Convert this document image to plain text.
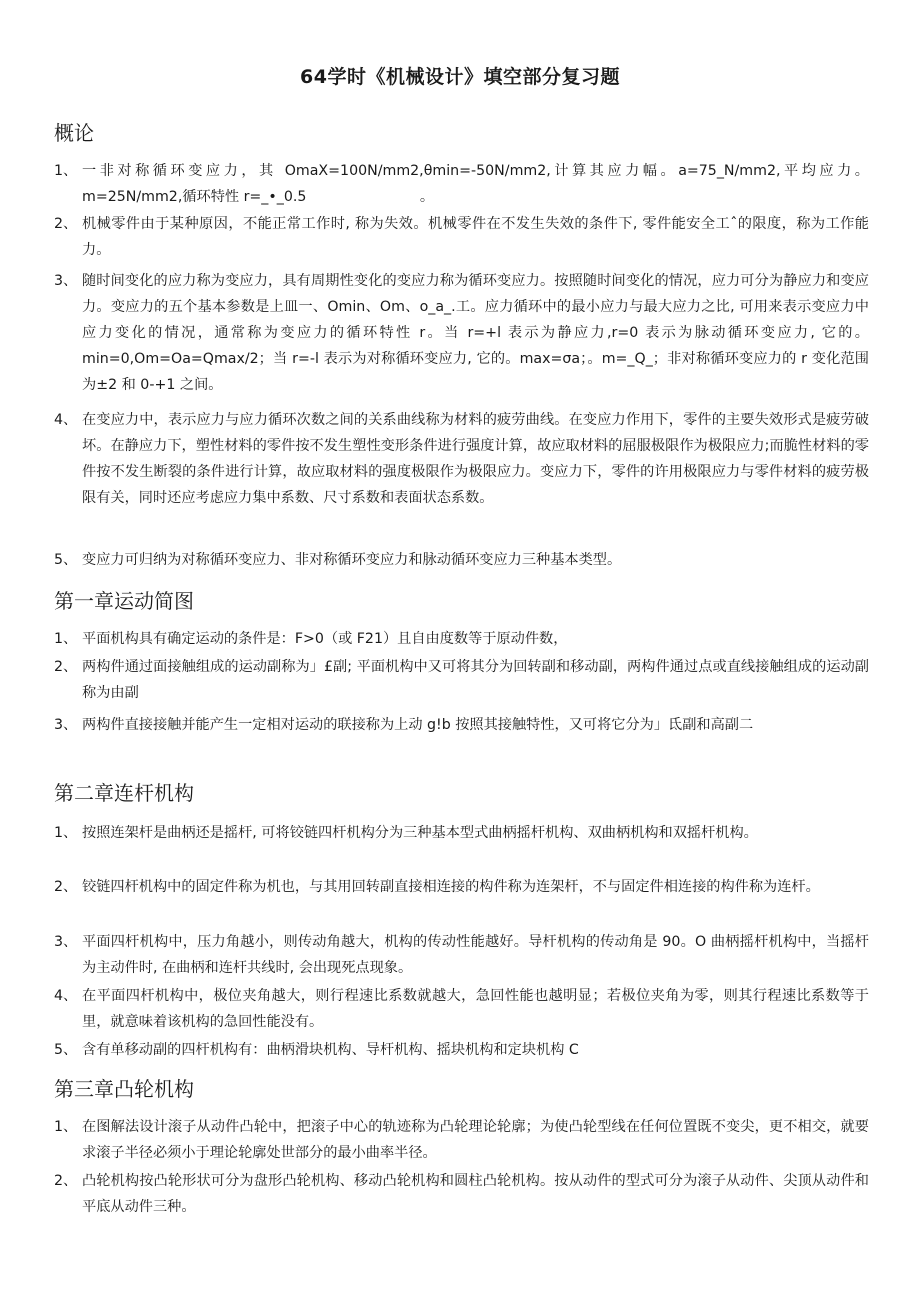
64学时《机械设计》填空部分复习题
概论
1、 一非对称循环变应力，其 OmaX=100N∕mm2,θmin=-50N∕mm2,计算其应力幅。a=75_N∕mm2,平均应力。m=25N∕mm2,循环特性 r=_•_0.5　　　　　　　　。
2、 机械零件由于某种原因，不能正常工作时, 称为失效。机械零件在不发生失效的条件下, 零件能安全工ˆ的限度，称为工作能力。
3、 随时间变化的应力称为变应力，具有周期性变化的变应力称为循环变应力。按照随时间变化的情况，应力可分为静应力和变应力。变应力的五个基本参数是上皿一、Omin、Om、o_a_.工。应力循环中的最小应力与最大应力之比, 可用来表示变应力中应力变化的情况，通常称为变应力的循环特性 r。当 r=+l 表示为静应力,r=0 表示为脉动循环变应力, 它的。min=0,Om=Oa=Qmax/2；当 r=-l 表示为对称循环变应力, 它的。max=σa；。m=_Q_；非对称循环变应力的 r 变化范围为±2 和 0-+1 之间。
4、 在变应力中，表示应力与应力循环次数之间的关系曲线称为材料的疲劳曲线。在变应力作用下，零件的主要失效形式是疲劳破坏。在静应力下，塑性材料的零件按不发生塑性变形条件进行强度计算，故应取材料的屈服极限作为极限应力;而脆性材料的零件按不发生断裂的条件进行计算，故应取材料的强度极限作为极限应力。变应力下，零件的许用极限应力与零件材料的疲劳极限有关，同时还应考虑应力集中系数、尺寸系数和表面状态系数。
5、 变应力可归纳为对称循环变应力、非对称循环变应力和脉动循环变应力三种基本类型。
第一章运动简图
1、 平面机构具有确定运动的条件是：F>0（或 F21）且自由度数等于原动件数，
2、 两构件通过面接触组成的运动副称为」£副; 平面机构中又可将其分为回转副和移动副，两构件通过点或直线接触组成的运动副称为由副
3、 两构件直接接触并能产生一定相对运动的联接称为上动 g!b 按照其接触特性，又可将它分为」氐副和高副二
第二章连杆机构
1、 按照连架杆是曲柄还是摇杆, 可将铰链四杆机构分为三种基本型式曲柄摇杆机构、双曲柄机构和双摇杆机构。
2、 铰链四杆机构中的固定件称为机也，与其用回转副直接相连接的构件称为连架杆，不与固定件相连接的构件称为连杆。
3、 平面四杆机构中，压力角越小，则传动角越大，机构的传动性能越好。导杆机构的传动角是 90。O 曲柄摇杆机构中，当摇杆为主动件时, 在曲柄和连杆共线时, 会出现死点现象。
4、 在平面四杆机构中，极位夹角越大，则行程速比系数就越大，急回性能也越明显；若极位夹角为零，则其行程速比系数等于里，就意味着该机构的急回性能没有。
5、 含有单移动副的四杆机构有：曲柄滑块机构、导杆机构、摇块机构和定块机构 C
第三章凸轮机构
1、 在图解法设计滚子从动件凸轮中，把滚子中心的轨迹称为凸轮理论轮廓；为使凸轮型线在任何位置既不变尖，更不相交，就要求滚子半径必须小于理论轮廓处世部分的最小曲率半径。
2、 凸轮机构按凸轮形状可分为盘形凸轮机构、移动凸轮机构和圆柱凸轮机构。按从动件的型式可分为滚子从动件、尖顶从动件和平底从动件三种。
